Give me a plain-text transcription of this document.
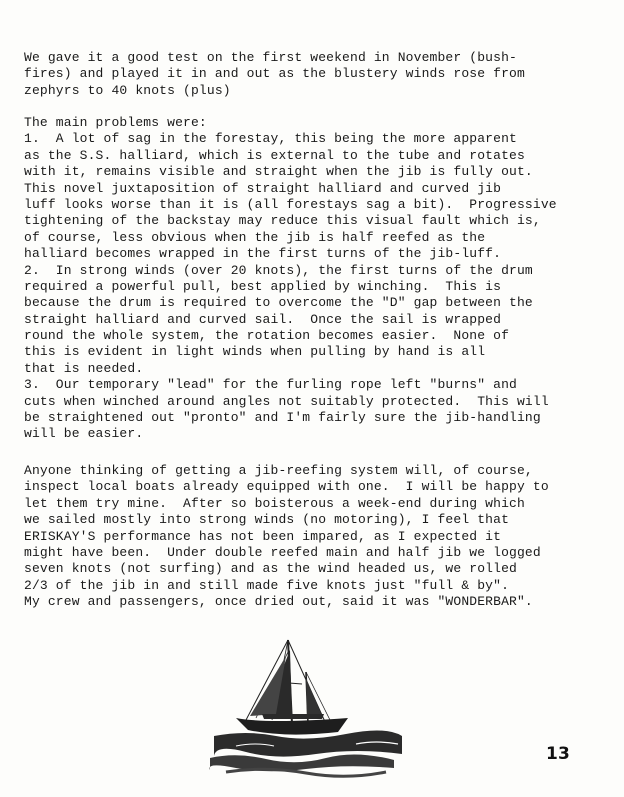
We gave it a good test on the first weekend in November (bush-
fires) and played it in and out as the blustery winds rose from
zephyrs to 40 knots (plus)
The main problems were:
1.  A lot of sag in the forestay, this being the more apparent
as the S.S. halliard, which is external to the tube and rotates
with it, remains visible and straight when the jib is fully out.
This novel juxtaposition of straight halliard and curved jib
luff looks worse than it is (all forestays sag a bit).  Progressive
tightening of the backstay may reduce this visual fault which is,
of course, less obvious when the jib is half reefed as the
halliard becomes wrapped in the first turns of the jib-luff.
2.  In strong winds (over 20 knots), the first turns of the drum
required a powerful pull, best applied by winching.  This is
because the drum is required to overcome the "D" gap between the
straight halliard and curved sail.  Once the sail is wrapped
round the whole system, the rotation becomes easier.  None of
this is evident in light winds when pulling by hand is all
that is needed.
3.  Our temporary "lead" for the furling rope left "burns" and
cuts when winched around angles not suitably protected.  This will
be straightened out "pronto" and I'm fairly sure the jib-handling
will be easier.
Anyone thinking of getting a jib-reefing system will, of course,
inspect local boats already equipped with one.  I will be happy to
let them try mine.  After so boisterous a week-end during which
we sailed mostly into strong winds (no motoring), I feel that
ERISKAY'S performance has not been impared, as I expected it
might have been.  Under double reefed main and half jib we logged
seven knots (not surfing) and as the wind headed us, we rolled
2/3 of the jib in and still made five knots just "full & by".
My crew and passengers, once dried out, said it was "WONDERBAR".
13
